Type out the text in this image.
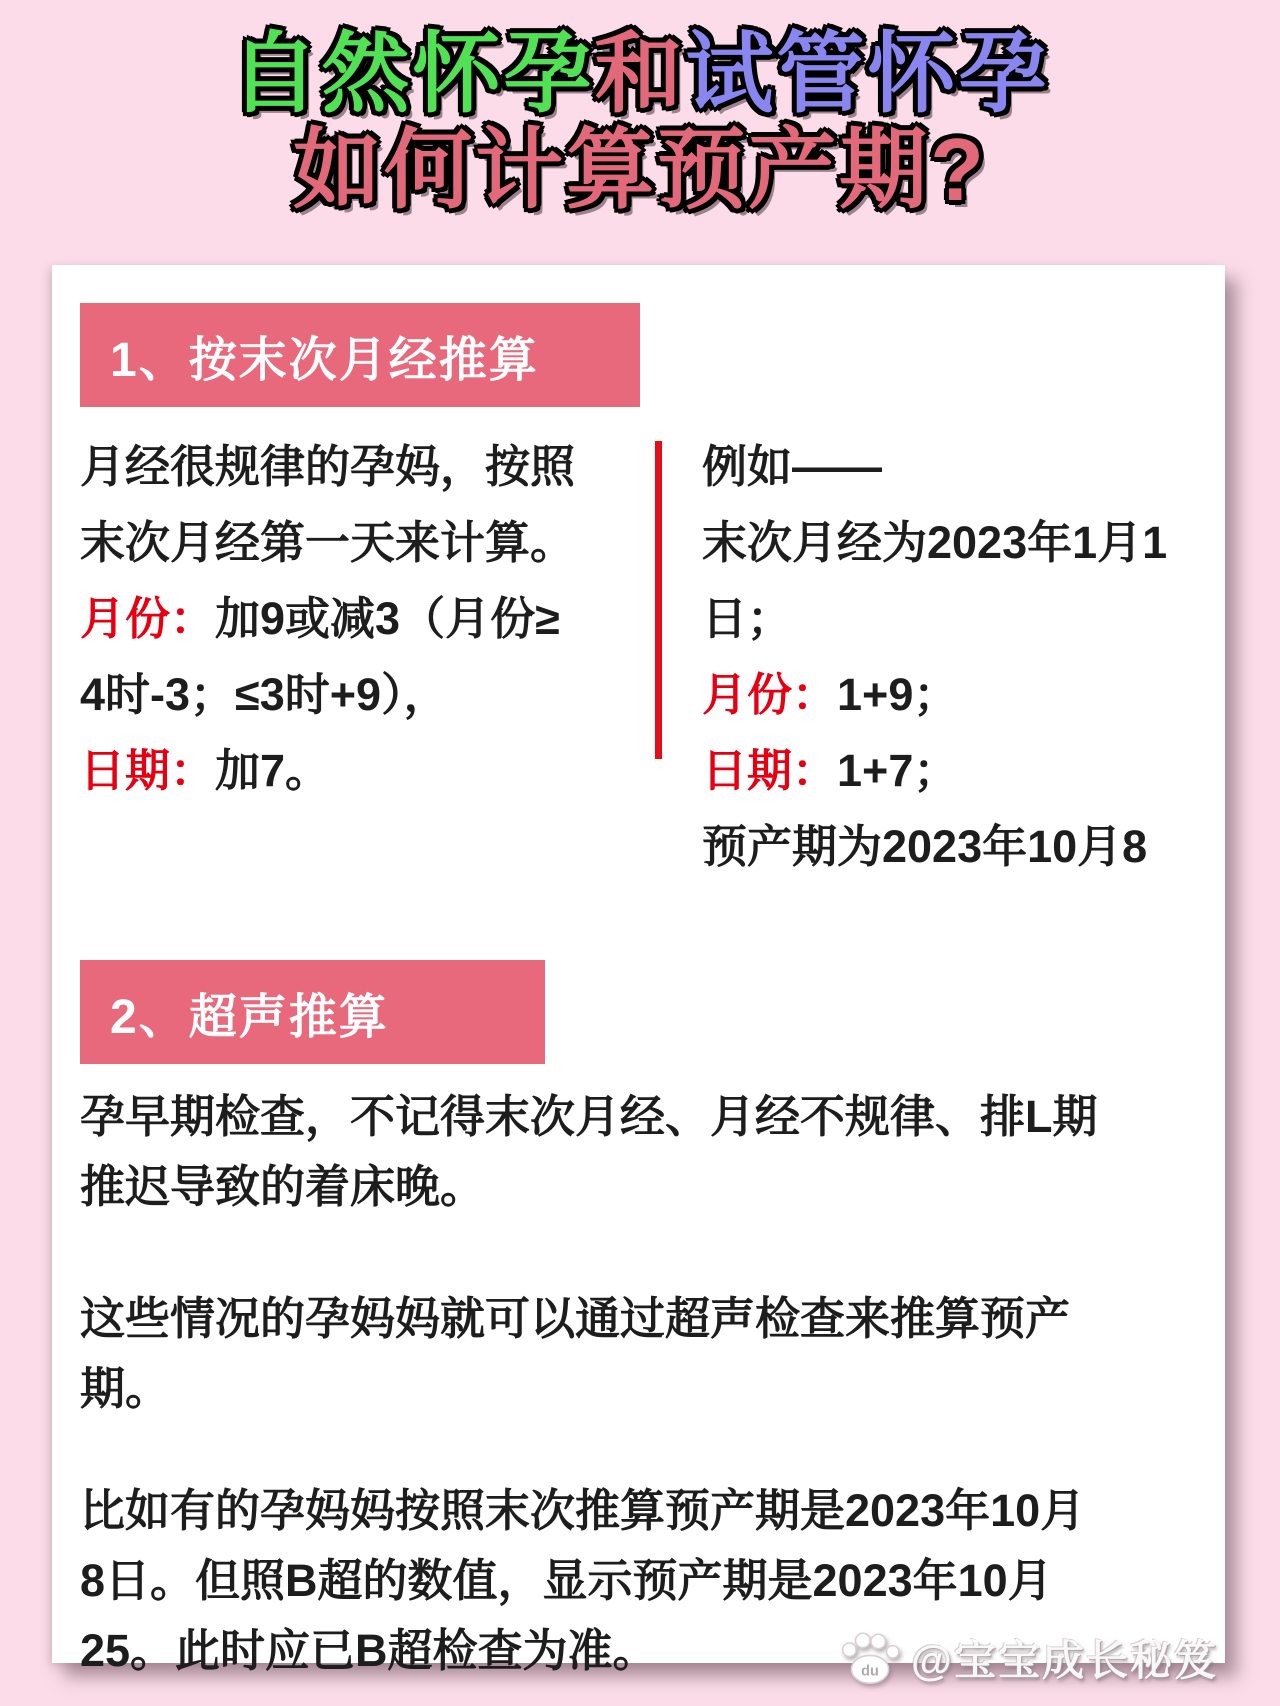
自然怀孕和试管怀孕
如何计算预产期?
1、按末次月经推算
月经很规律的孕妈，按照
末次月经第一天来计算。
月份：加9或减3（月份≥
4时-3；≤3时+9），
日期：加7。
例如——
末次月经为2023年1月1
日；
月份：1+9；
日期：1+7；
预产期为2023年10月8
2、超声推算
孕早期检查，不记得末次月经、月经不规律、排L期
推迟导致的着床晚。
这些情况的孕妈妈就可以通过超声检查来推算预产
期。
比如有的孕妈妈按照末次推算预产期是2023年10月
8日。但照B超的数值，显示预产期是2023年10月
25。此时应已B超检查为准。	du @宝宝成长秘笈
